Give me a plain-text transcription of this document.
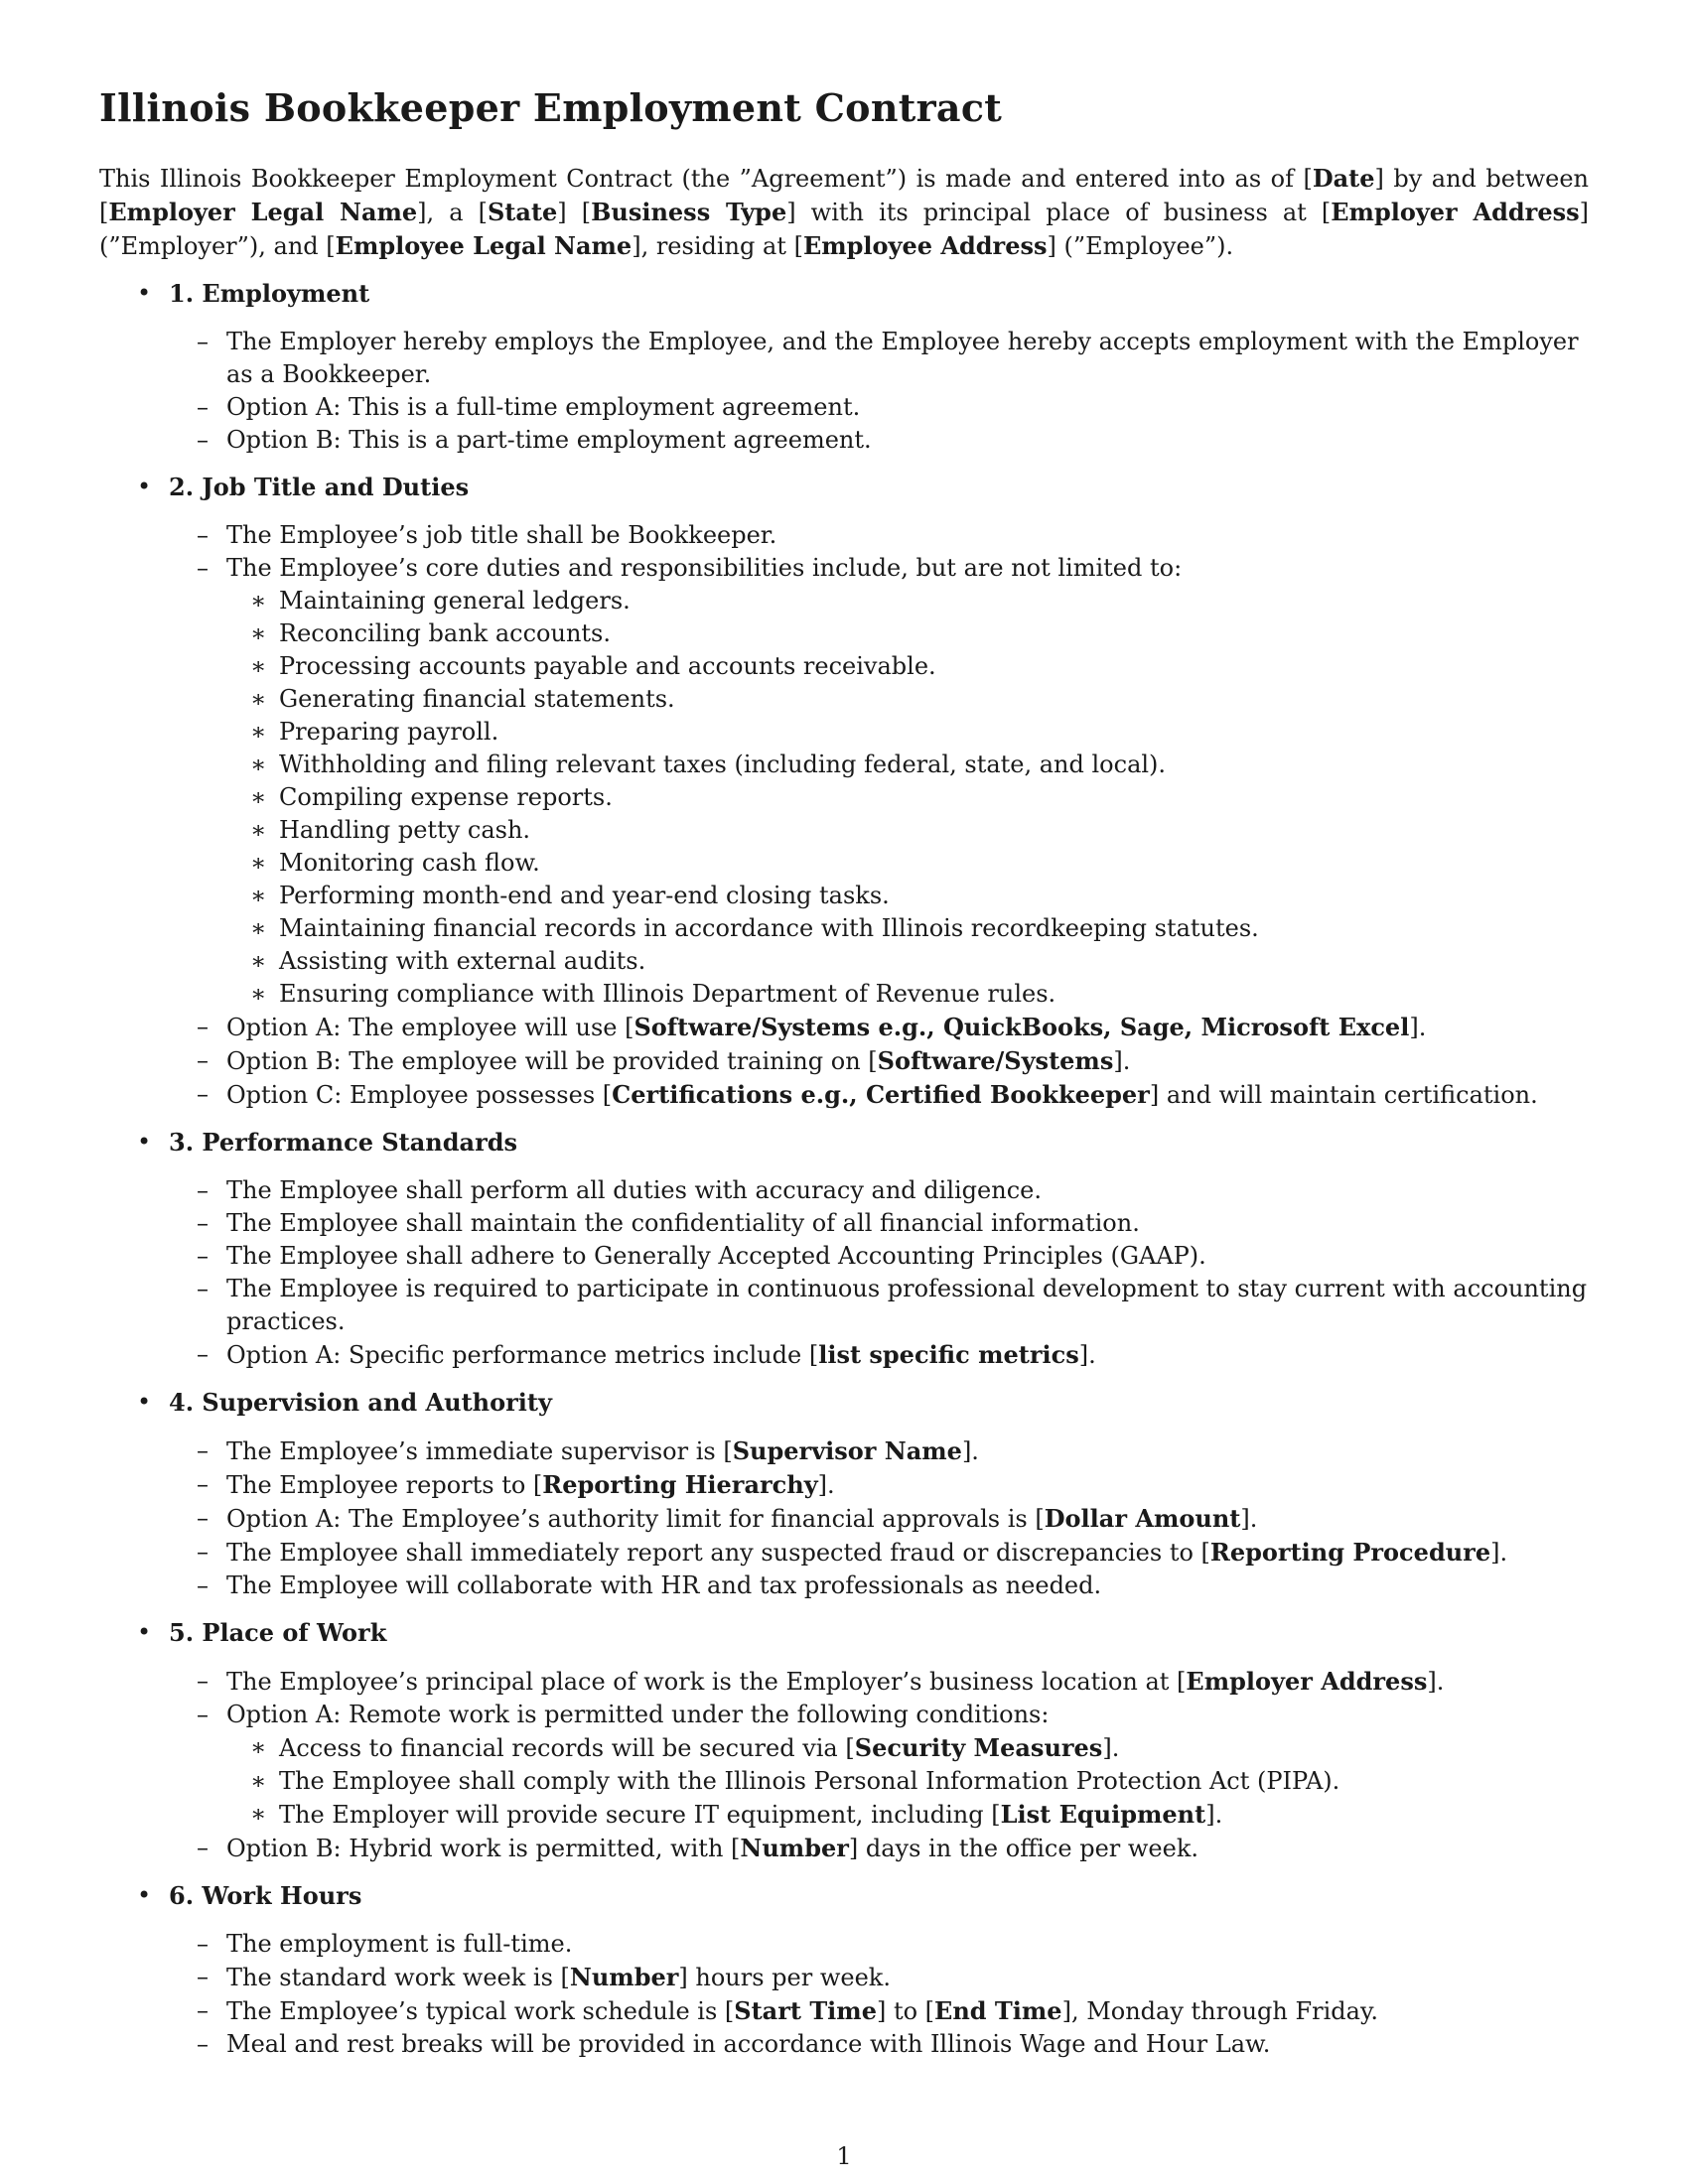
Illinois Bookkeeper Employment Contract

This Illinois Bookkeeper Employment Contract (the ”Agreement”) is made and entered into as of [Date] by and between [Employer Legal Name], a [State] [Business Type] with its principal place of business at [Employer Address] (”Employer”), and [Employee Legal Name], residing at [Employee Address] (”Employee”).

• 1. Employment
– The Employer hereby employs the Employee, and the Employee hereby accepts employment with the Employer as a Bookkeeper.
– Option A: This is a full-time employment agreement.
– Option B: This is a part-time employment agreement.
• 2. Job Title and Duties
– The Employee’s job title shall be Bookkeeper.
– The Employee’s core duties and responsibilities include, but are not limited to:
∗ Maintaining general ledgers.
∗ Reconciling bank accounts.
∗ Processing accounts payable and accounts receivable.
∗ Generating financial statements.
∗ Preparing payroll.
∗ Withholding and filing relevant taxes (including federal, state, and local).
∗ Compiling expense reports.
∗ Handling petty cash.
∗ Monitoring cash flow.
∗ Performing month-end and year-end closing tasks.
∗ Maintaining financial records in accordance with Illinois recordkeeping statutes.
∗ Assisting with external audits.
∗ Ensuring compliance with Illinois Department of Revenue rules.
– Option A: The employee will use [Software/Systems e.g., QuickBooks, Sage, Microsoft Excel].
– Option B: The employee will be provided training on [Software/Systems].
– Option C: Employee possesses [Certifications e.g., Certified Bookkeeper] and will maintain certification.
• 3. Performance Standards
– The Employee shall perform all duties with accuracy and diligence.
– The Employee shall maintain the confidentiality of all financial information.
– The Employee shall adhere to Generally Accepted Accounting Principles (GAAP).
– The Employee is required to participate in continuous professional development to stay current with accounting practices.
– Option A: Specific performance metrics include [list specific metrics].
• 4. Supervision and Authority
– The Employee’s immediate supervisor is [Supervisor Name].
– The Employee reports to [Reporting Hierarchy].
– Option A: The Employee’s authority limit for financial approvals is [Dollar Amount].
– The Employee shall immediately report any suspected fraud or discrepancies to [Reporting Procedure].
– The Employee will collaborate with HR and tax professionals as needed.
• 5. Place of Work
– The Employee’s principal place of work is the Employer’s business location at [Employer Address].
– Option A: Remote work is permitted under the following conditions:
∗ Access to financial records will be secured via [Security Measures].
∗ The Employee shall comply with the Illinois Personal Information Protection Act (PIPA).
∗ The Employer will provide secure IT equipment, including [List Equipment].
– Option B: Hybrid work is permitted, with [Number] days in the office per week.
• 6. Work Hours
– The employment is full-time.
– The standard work week is [Number] hours per week.
– The Employee’s typical work schedule is [Start Time] to [End Time], Monday through Friday.
– Meal and rest breaks will be provided in accordance with Illinois Wage and Hour Law.
1
